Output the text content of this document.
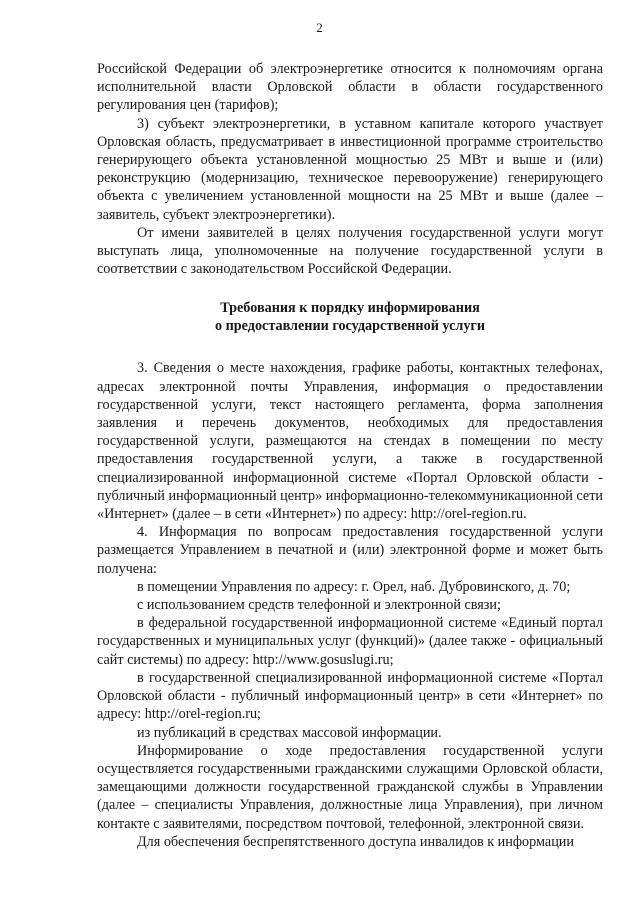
2

Российской Федерации об электроэнергетике относится к полномочиям органа исполнительной власти Орловской области в области государственного регулирования цен (тарифов);

3) субъект электроэнергетики, в уставном капитале которого участвует Орловская область, предусматривает в инвестиционной программе строительство генерирующего объекта установленной мощностью 25 МВт и выше и (или) реконструкцию (модернизацию, техническое перевооружение) генерирующего объекта с увеличением установленной мощности на 25 МВт и выше (далее – заявитель, субъект электроэнергетики).

От имени заявителей в целях получения государственной услуги могут выступать лица, уполномоченные на получение государственной услуги в соответствии с законодательством Российской Федерации.

Требования к порядку информирования
о предоставлении государственной услуги

3. Сведения о месте нахождения, графике работы, контактных телефонах, адресах электронной почты Управления, информация о предоставлении государственной услуги, текст настоящего регламента, форма заполнения заявления и перечень документов, необходимых для предоставления государственной услуги, размещаются на стендах в помещении по месту предоставления государственной услуги, а также в государственной специализированной информационной системе «Портал Орловской области - публичный информационный центр» информационно-телекоммуникационной сети «Интернет» (далее – в сети «Интернет») по адресу: http://orel-region.ru.

4. Информация по вопросам предоставления государственной услуги размещается Управлением в печатной и (или) электронной форме и может быть получена:

в помещении Управления по адресу: г. Орел, наб. Дубровинского, д. 70;

с использованием средств телефонной и электронной связи;

в федеральной государственной информационной системе «Единый портал государственных и муниципальных услуг (функций)» (далее также - официальный сайт системы) по адресу: http://www.gosuslugi.ru;

в государственной специализированной информационной системе «Портал Орловской области - публичный информационный центр» в сети «Интернет» по адресу: http://orel-region.ru;

из публикаций в средствах массовой информации.

Информирование о ходе предоставления государственной услуги осуществляется государственными гражданскими служащими Орловской области, замещающими должности государственной гражданской службы в Управлении (далее – специалисты Управления, должностные лица Управления), при личном контакте с заявителями, посредством почтовой, телефонной, электронной связи.

Для обеспечения беспрепятственного доступа инвалидов к информации
